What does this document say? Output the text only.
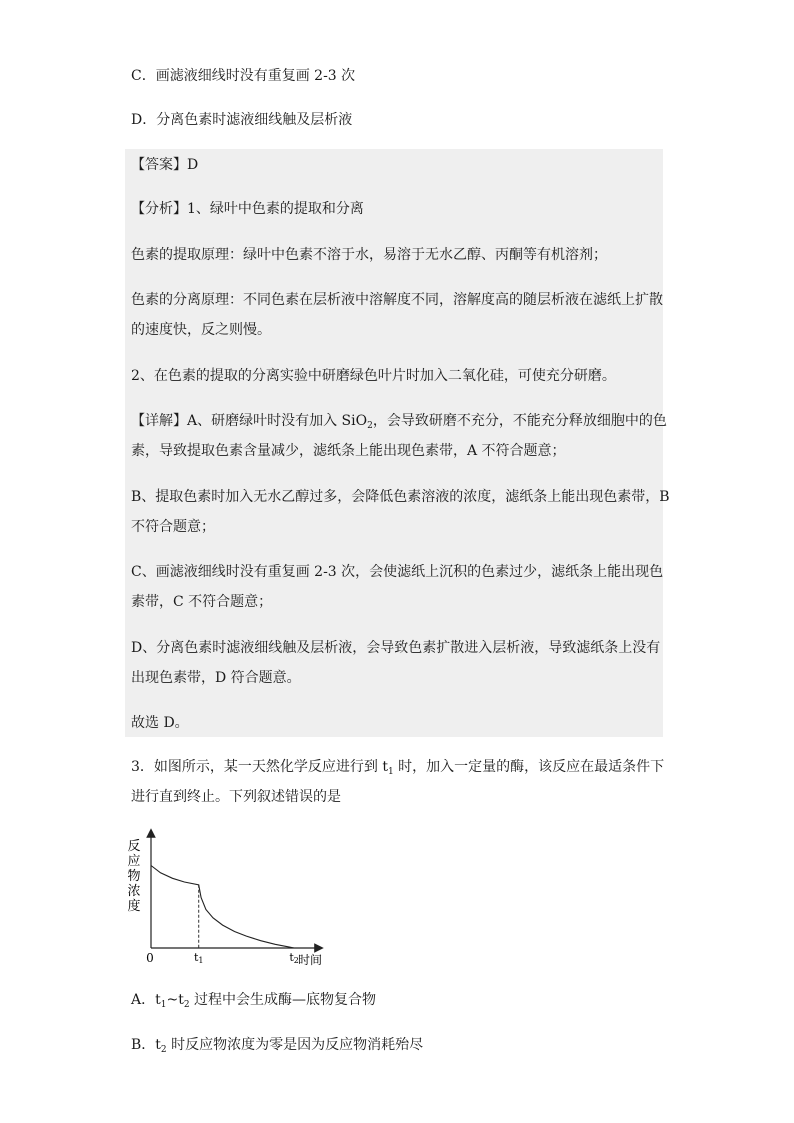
C．画滤液细线时没有重复画 2-3 次
D．分离色素时滤液细线触及层析液
【答案】D
【分析】1、绿叶中色素的提取和分离
色素的提取原理：绿叶中色素不溶于水，易溶于无水乙醇、丙酮等有机溶剂；
色素的分离原理：不同色素在层析液中溶解度不同，溶解度高的随层析液在滤纸上扩散
的速度快，反之则慢。
2、在色素的提取的分离实验中研磨绿色叶片时加入二氧化硅，可使充分研磨。
【详解】A、研磨绿叶时没有加入 SiO$_2$，会导致研磨不充分，不能充分释放细胞中的色
素，导致提取色素含量减少，滤纸条上能出现色素带，A 不符合题意；
B、提取色素时加入无水乙醇过多，会降低色素溶液的浓度，滤纸条上能出现色素带，B
不符合题意；
C、画滤液细线时没有重复画 2-3 次，会使滤纸上沉积的色素过少，滤纸条上能出现色
素带，C 不符合题意；
D、分离色素时滤液细线触及层析液，会导致色素扩散进入层析液，导致滤纸条上没有
出现色素带，D 符合题意。
故选 D。
3．如图所示，某一天然化学反应进行到 $t_1$ 时，加入一定量的酶，该反应在最适条件下
进行直到终止。下列叙述错误的是
反
应
物
浓
度
0	t1	t2 时间
A．$t_1\sim t_2$ 过程中会生成酶—底物复合物
B．$t_2$ 时反应物浓度为零是因为反应物消耗殆尽
